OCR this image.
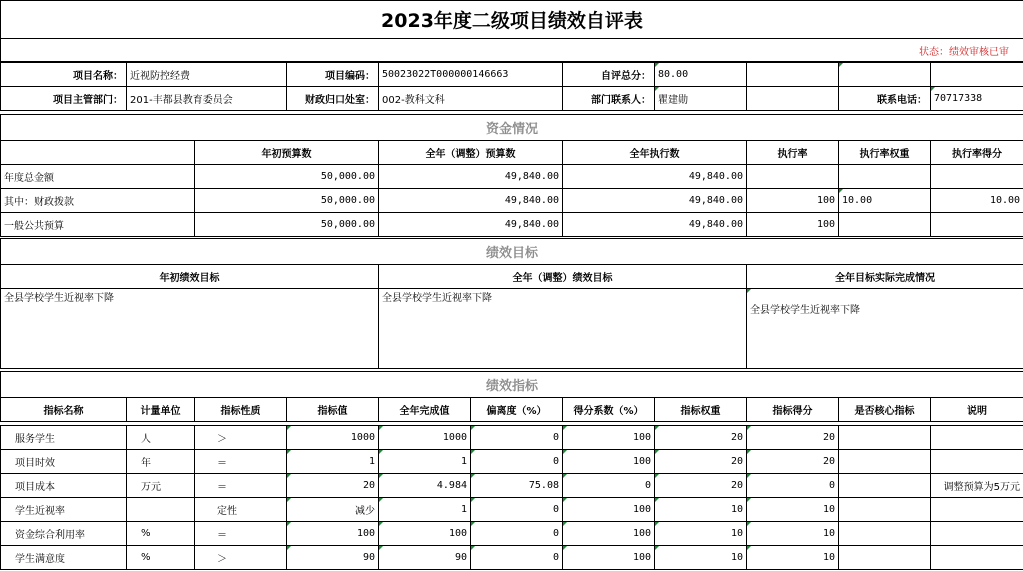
2023年度二级项目绩效自评表
状态：绩效审核已审
项目名称：	近视防控经费	项目编码：	50023022T000000146663	自评总分：	80.00			
项目主管部门：	201-丰都县教育委员会	财政归口处室：	002-教科文科	部门联系人：	瞿建勋		联系电话：	70717338
资金情况						
	年初预算数	全年（调整）预算数	全年执行数	执行率	执行率权重	执行率得分
年度总金额	50,000.00	49,840.00	49,840.00			
其中：财政拨款	50,000.00	49,840.00	49,840.00	100	10.00	10.00
一般公共预算	50,000.00	49,840.00	49,840.00	100		
绩效目标		
年初绩效目标	全年（调整）绩效目标	全年目标实际完成情况
全县学校学生近视率下降	全县学校学生近视率下降	全县学校学生近视率下降
绩效指标
指标名称	计量单位	指标性质	指标值	全年完成值	偏离度（%）	得分系数（%）	指标权重	指标得分	是否核心指标	说明
服务学生	人	＞	1000	1000	0	100	20	20		
项目时效	年	＝	1	1	0	100	20	20		
项目成本	万元	＝	20	4.984	75.08	0	20	0		调整预算为5万元
学生近视率		定性	减少	1	0	100	10	10		
资金综合利用率	%	＝	100	100	0	100	10	10		
学生满意度	%	＞	90	90	0	100	10	10		
